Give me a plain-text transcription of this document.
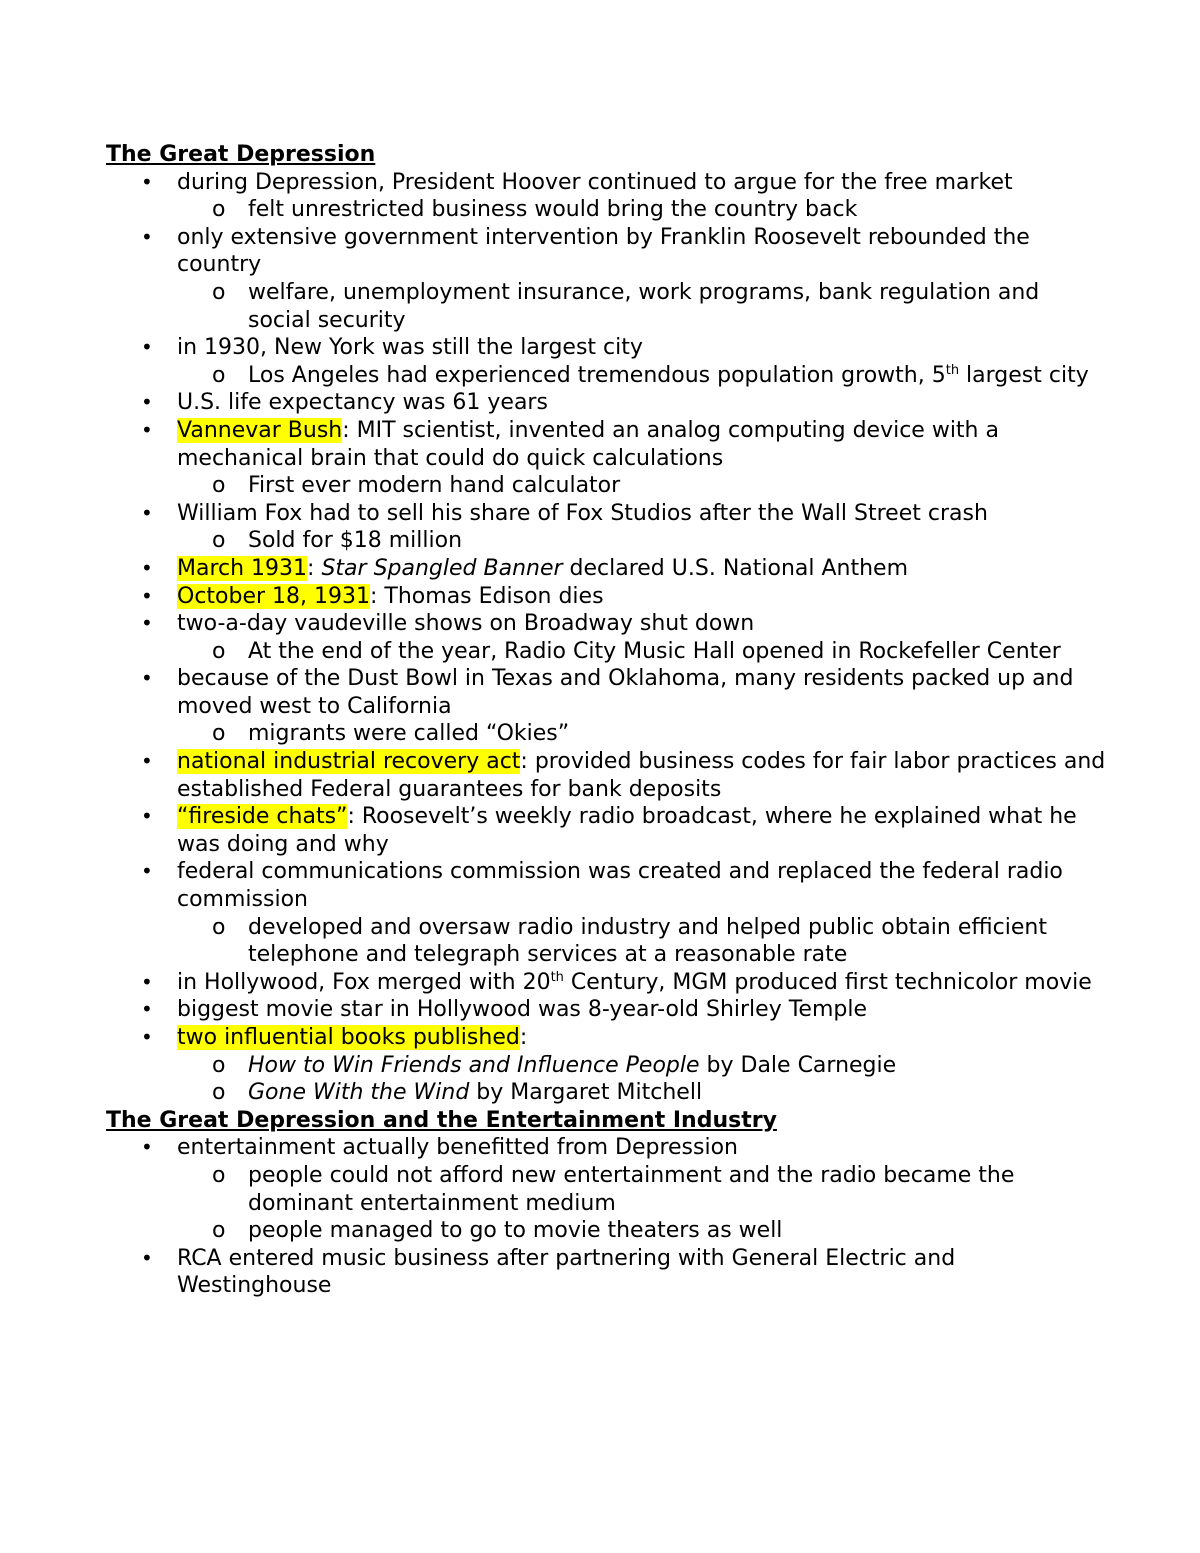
The Great Depression
• during Depression, President Hoover continued to argue for the free market
o felt unrestricted business would bring the country back
• only extensive government intervention by Franklin Roosevelt rebounded the country
o welfare, unemployment insurance, work programs, bank regulation and social security
• in 1930, New York was still the largest city
o Los Angeles had experienced tremendous population growth, 5th largest city
• U.S. life expectancy was 61 years
• Vannevar Bush: MIT scientist, invented an analog computing device with a mechanical brain that could do quick calculations
o First ever modern hand calculator
• William Fox had to sell his share of Fox Studios after the Wall Street crash
o Sold for $18 million
• March 1931: Star Spangled Banner declared U.S. National Anthem
• October 18, 1931: Thomas Edison dies
• two-a-day vaudeville shows on Broadway shut down
o At the end of the year, Radio City Music Hall opened in Rockefeller Center
• because of the Dust Bowl in Texas and Oklahoma, many residents packed up and moved west to California
o migrants were called “Okies”
• national industrial recovery act: provided business codes for fair labor practices and established Federal guarantees for bank deposits
• “fireside chats”: Roosevelt’s weekly radio broadcast, where he explained what he was doing and why
• federal communications commission was created and replaced the federal radio commission
o developed and oversaw radio industry and helped public obtain efficient telephone and telegraph services at a reasonable rate
• in Hollywood, Fox merged with 20th Century, MGM produced first technicolor movie
• biggest movie star in Hollywood was 8-year-old Shirley Temple
• two influential books published:
o How to Win Friends and Influence People by Dale Carnegie
o Gone With the Wind by Margaret Mitchell
The Great Depression and the Entertainment Industry
• entertainment actually benefitted from Depression
o people could not afford new entertainment and the radio became the dominant entertainment medium
o people managed to go to movie theaters as well
• RCA entered music business after partnering with General Electric and Westinghouse
